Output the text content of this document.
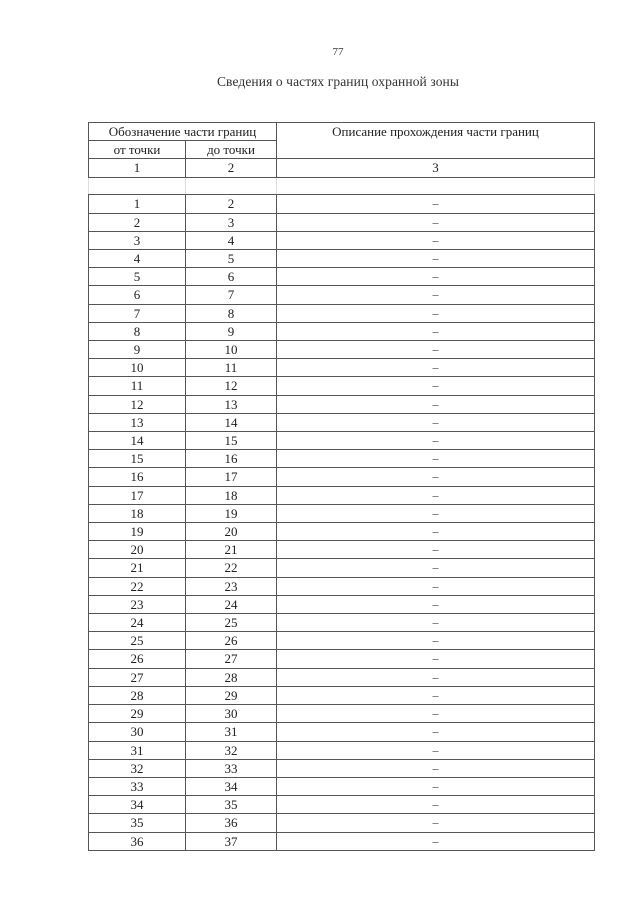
77
Сведения о частях границ охранной зоны
Обозначение части границ		Описание прохождения части границ
от точки	до точки	
1	2	3

1	2	–
2	3	–
3	4	–
4	5	–
5	6	–
6	7	–
7	8	–
8	9	–
9	10	–
10	11	–
11	12	–
12	13	–
13	14	–
14	15	–
15	16	–
16	17	–
17	18	–
18	19	–
19	20	–
20	21	–
21	22	–
22	23	–
23	24	–
24	25	–
25	26	–
26	27	–
27	28	–
28	29	–
29	30	–
30	31	–
31	32	–
32	33	–
33	34	–
34	35	–
35	36	–
36	37	–
